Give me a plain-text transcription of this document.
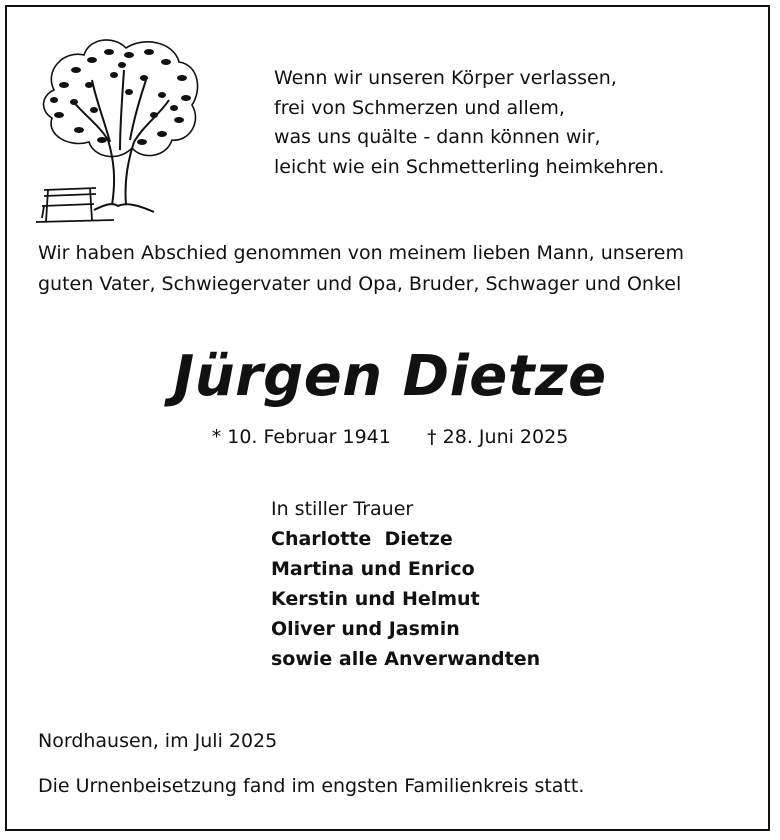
Wenn wir unseren Körper verlassen,
frei von Schmerzen und allem,
was uns quälte - dann können wir,
leicht wie ein Schmetterling heimkehren.
Wir haben Abschied genommen von meinem lieben Mann, unserem
guten Vater, Schwiegervater und Opa, Bruder, Schwager und Onkel
Jürgen Dietze
* 10. Februar 1941 † 28. Juni 2025
In stiller Trauer
Charlotte  Dietze
Martina und Enrico
Kerstin und Helmut
Oliver und Jasmin
sowie alle Anverwandten
Nordhausen, im Juli 2025
Die Urnenbeisetzung fand im engsten Familienkreis statt.
